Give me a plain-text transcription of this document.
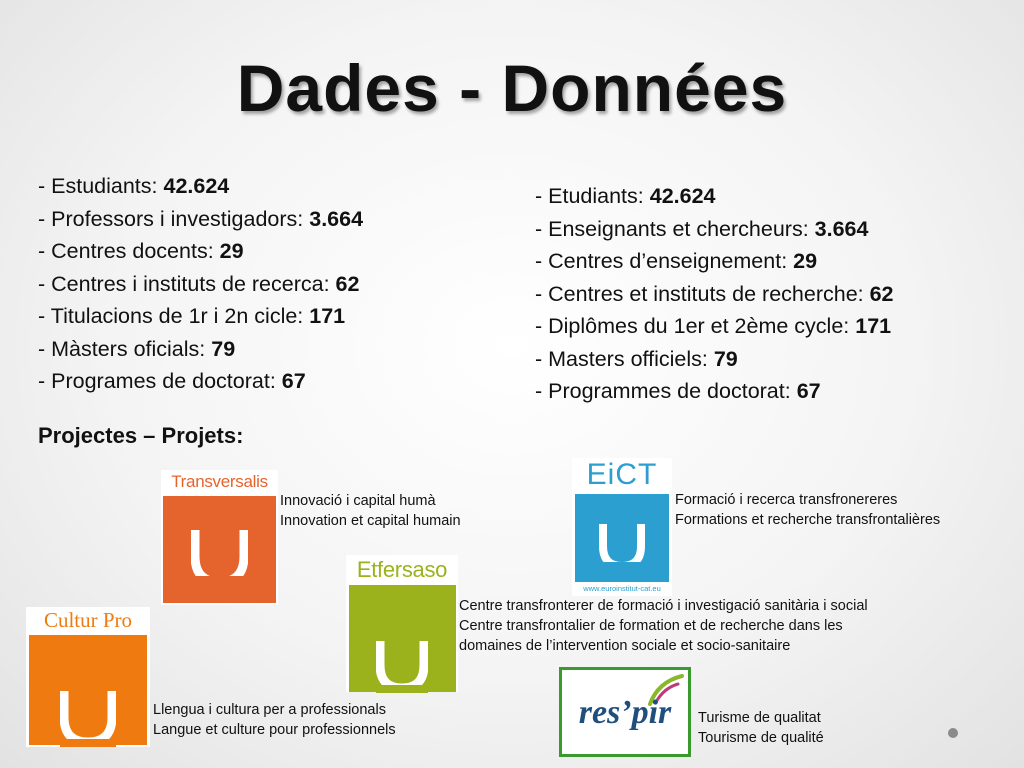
Dades - Données
- Estudiants: 42.624
- Professors i investigadors: 3.664
- Centres docents: 29
- Centres i instituts de recerca: 62
- Titulacions de 1r i 2n cicle: 171
- Màsters oficials: 79
- Programes de doctorat: 67
- Etudiants: 42.624
- Enseignants et chercheurs: 3.664
- Centres d’enseignement: 29
- Centres et instituts de recherche: 62
- Diplômes du 1er et 2ème cycle: 171
- Masters officiels: 79
- Programmes de doctorat: 67
Projectes – Projets:
Transversalis
Innovació i capital humà
Innovation et capital humain
EiCT
www.euroinstitut-cat.eu
Formació i recerca transfronereres
Formations et recherche transfrontalières
Etfersaso
Centre transfronterer de formació i investigació sanitària i social
Centre transfrontalier de formation et de recherche dans les
domaines de l’intervention sociale et socio-sanitaire
Cultur Pro
Llengua i cultura per a professionals
Langue et culture pour professionnels	res’pir	Turisme de qualitat
Tourisme de qualité
